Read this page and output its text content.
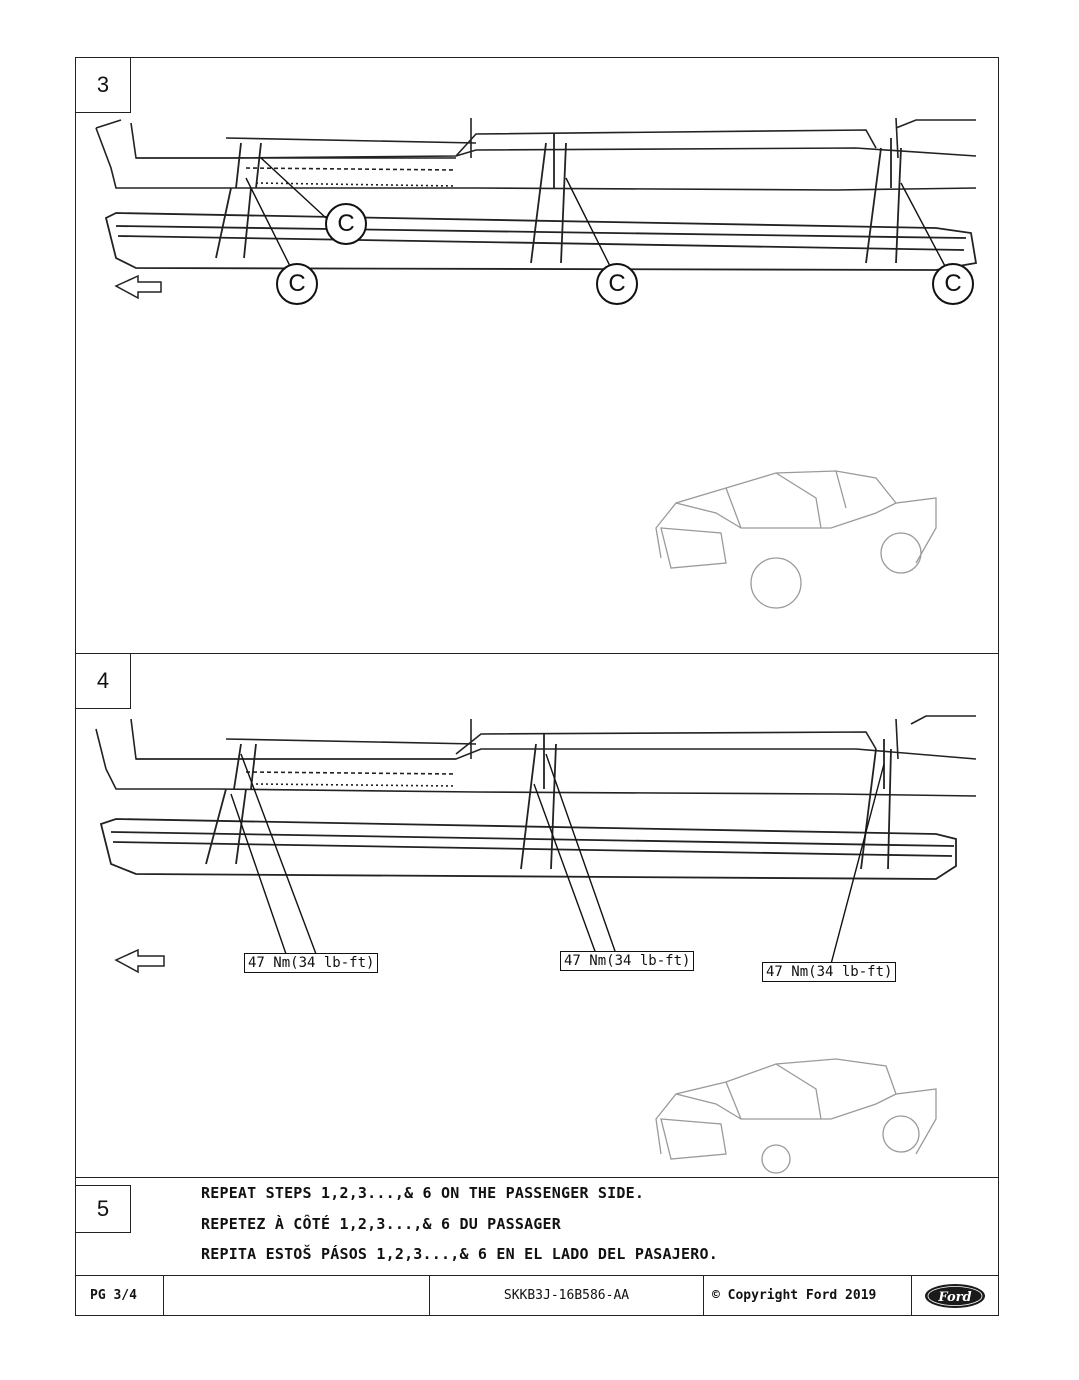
3
C
C	C	C
4
47 Nm(34 lb-ft)	47 Nm(34 lb-ft)
47 Nm(34 lb-ft)
5
REPEAT STEPS 1,2,3...,& 6 ON THE PASSENGER SIDE.
REPETEZ À CÔTÉ 1,2,3...,& 6 DU PASSAGER
REPITA ESTOŠ PÁSOS 1,2,3...,& 6 EN EL LADO DEL PASAJERO.
PG 3/4	SKKB3J-16B586-AA	© Copyright Ford 2019	Ford
